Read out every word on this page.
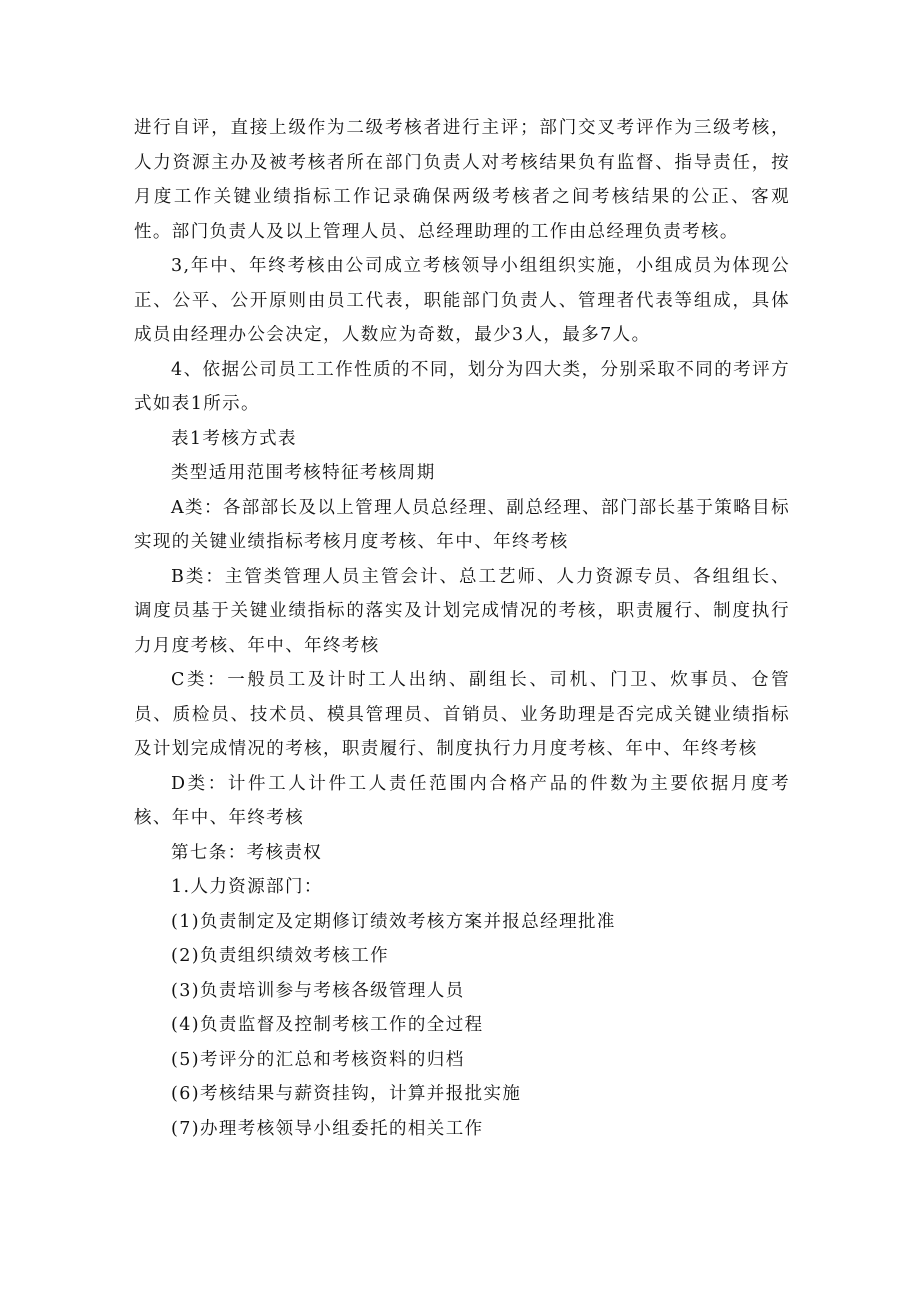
进行自评，直接上级作为二级考核者进行主评；部门交叉考评作为三级考核，人力资源主办及被考核者所在部门负责人对考核结果负有监督、指导责任，按月度工作关键业绩指标工作记录确保两级考核者之间考核结果的公正、客观性。部门负责人及以上管理人员、总经理助理的工作由总经理负责考核。

3,年中、年终考核由公司成立考核领导小组组织实施，小组成员为体现公正、公平、公开原则由员工代表，职能部门负责人、管理者代表等组成，具体成员由经理办公会决定，人数应为奇数，最少3人，最多7人。

4、依据公司员工工作性质的不同，划分为四大类，分别采取不同的考评方式如表1所示。

表1考核方式表

类型适用范围考核特征考核周期

A类：各部部长及以上管理人员总经理、副总经理、部门部长基于策略目标实现的关键业绩指标考核月度考核、年中、年终考核

B类：主管类管理人员主管会计、总工艺师、人力资源专员、各组组长、调度员基于关键业绩指标的落实及计划完成情况的考核，职责履行、制度执行力月度考核、年中、年终考核

C类：一般员工及计时工人出纳、副组长、司机、门卫、炊事员、仓管员、质检员、技术员、模具管理员、首销员、业务助理是否完成关键业绩指标及计划完成情况的考核，职责履行、制度执行力月度考核、年中、年终考核

D类：计件工人计件工人责任范围内合格产品的件数为主要依据月度考核、年中、年终考核

第七条：考核责权

1.人力资源部门：

(1)负责制定及定期修订绩效考核方案并报总经理批准

(2)负责组织绩效考核工作

(3)负责培训参与考核各级管理人员

(4)负责监督及控制考核工作的全过程

(5)考评分的汇总和考核资料的归档

(6)考核结果与薪资挂钩，计算并报批实施

(7)办理考核领导小组委托的相关工作
